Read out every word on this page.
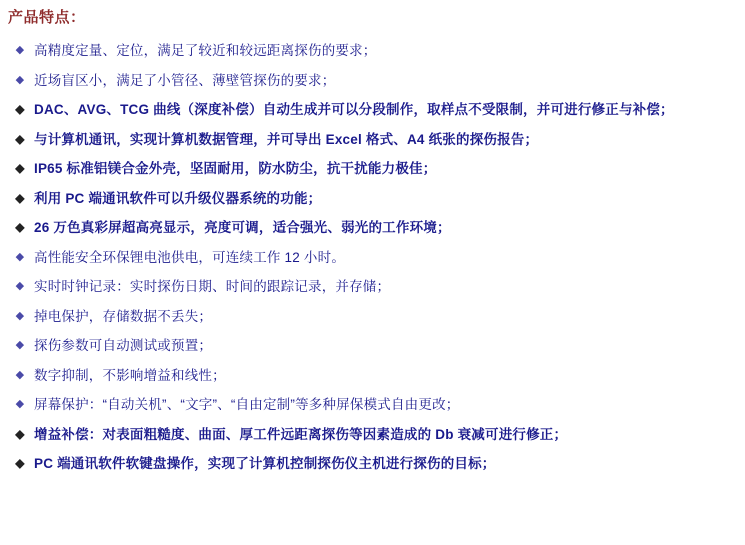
产品特点：
◆ 高精度定量、定位，满足了较近和较远距离探伤的要求；
◆ 近场盲区小，满足了小管径、薄壁管探伤的要求；
◆ DAC、AVG、TCG 曲线（深度补偿）自动生成并可以分段制作，取样点不受限制，并可进行修正与补偿；
◆ 与计算机通讯，实现计算机数据管理，并可导出 Excel 格式、A4 纸张的探伤报告；
◆ IP65 标准铝镁合金外壳，坚固耐用，防水防尘，抗干扰能力极佳；
◆ 利用 PC 端通讯软件可以升级仪器系统的功能；
◆ 26 万色真彩屏超高亮显示，亮度可调，适合强光、弱光的工作环境；
◆ 高性能安全环保锂电池供电，可连续工作 12 小时。
◆ 实时时钟记录：实时探伤日期、时间的跟踪记录，并存储；
◆ 掉电保护，存储数据不丢失；
◆ 探伤参数可自动测试或预置；
◆ 数字抑制，不影响增益和线性；
◆ 屏幕保护：“自动关机”、“文字”、“自由定制”等多种屏保模式自由更改；
◆ 增益补偿：对表面粗糙度、曲面、厚工件远距离探伤等因素造成的 Db 衰减可进行修正；
◆ PC 端通讯软件软键盘操作，实现了计算机控制探伤仪主机进行探伤的目标；
